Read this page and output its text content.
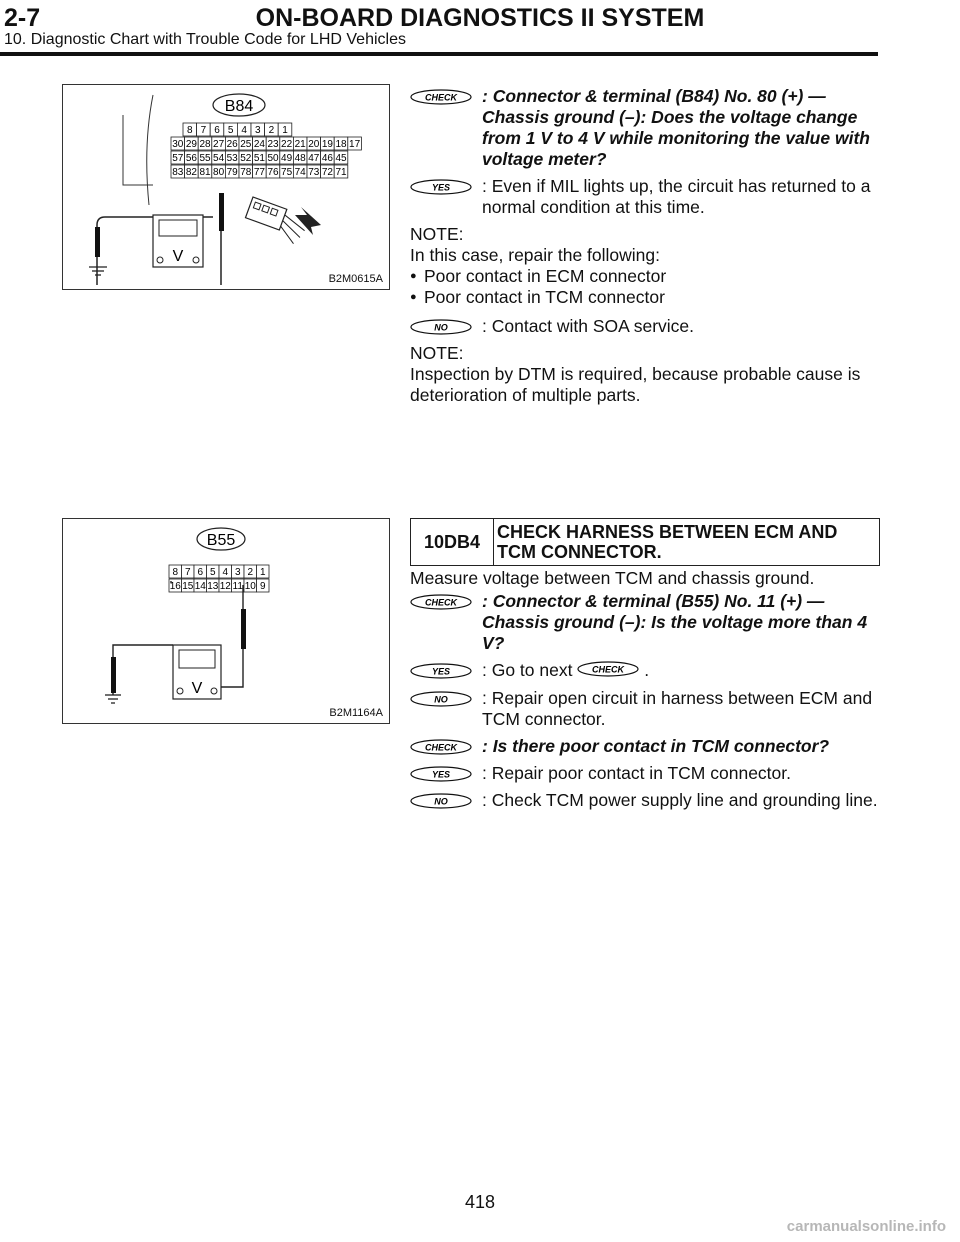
2-7	ON-BOARD DIAGNOSTICS II SYSTEM
10. Diagnostic Chart with Trouble Code for LHD Vehicles
B84
8 7 6 5 4 3 2 1
30 29 28 27 26 25 24 23 22 21 20 19 18 17
57 56 55 54 53 52 51 50 49 48 47 46 45
83 82 81 80 79 78 77 76 75 74 73 72 71
V
B2M0615A
B55
8 7 6 5 4 3 2 1
16 15 14 13 12 11 10 9
V
B2M1164A
CHECK : Connector & terminal (B84) No. 80 (+) — Chassis ground (–): Does the voltage change from 1 V to 4 V while monitoring the value with voltage meter?
YES : Even if MIL lights up, the circuit has returned to a normal condition at this time.
NOTE:
In this case, repair the following:
● Poor contact in ECM connector
● Poor contact in TCM connector
NO : Contact with SOA service.
NOTE:
Inspection by DTM is required, because probable cause is deterioration of multiple parts.
10DB4 CHECK HARNESS BETWEEN ECM AND TCM CONNECTOR.
Measure voltage between TCM and chassis ground.
CHECK : Connector & terminal (B55) No. 11 (+) — Chassis ground (–): Is the voltage more than 4 V?
YES : Go to next CHECK .
NO : Repair open circuit in harness between ECM and TCM connector.
CHECK : Is there poor contact in TCM connector?
YES : Repair poor contact in TCM connector.
NO : Check TCM power supply line and grounding line.
418
carmanualsonline.info
